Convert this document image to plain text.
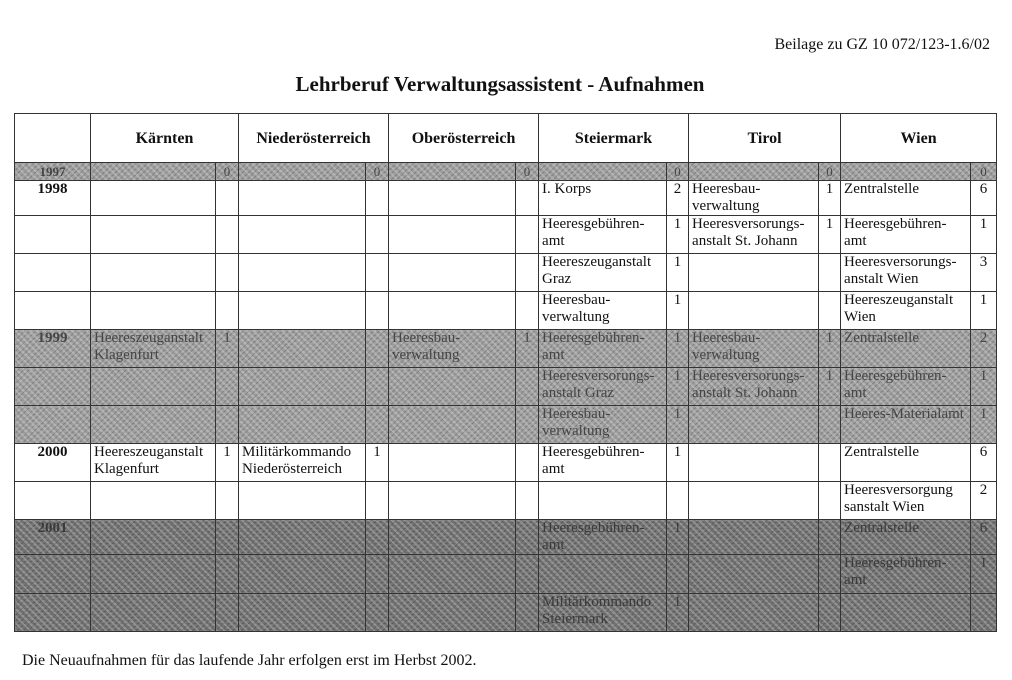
Beilage zu GZ 10 072/123-1.6/02
Lehrberuf Verwaltungsassistent - Aufnahmen
	Kärnten		Niederösterreich		Oberösterreich		Steiermark		Tirol		Wien	
1997		0		0		0		0		0		0
1998							I. Korps	2	Heeresbau-verwaltung	1	Zentralstelle	6
							Heeresgebühren-amt	1	Heeresversorungs-anstalt St. Johann	1	Heeresgebühren-amt	1
							Heereszeuganstalt Graz	1			Heeresversorungs-anstalt Wien	3
							Heeresbau-verwaltung	1			Heereszeuganstalt Wien	1
1999	Heereszeuganstalt Klagenfurt	1			Heeresbau-verwaltung	1	Heeresgebühren-amt	1	Heeresbau-verwaltung	1	Zentralstelle	2
							Heeresversorungs-anstalt Graz	1	Heeresversorungs-anstalt St. Johann	1	Heeresgebühren-amt	1
							Heeresbau-verwaltung	1			Heeres-Materialamt	1
2000	Heereszeuganstalt Klagenfurt	1	Militärkommando Niederösterreich	1			Heeresgebühren-amt	1			Zentralstelle	6
											Heeresversorgung sanstalt Wien	2
2001							Heeresgebühren-amt	1			Zentralstelle	6
											Heeresgebühren-amt	1
							Militärkommando Steiermark	1				
Die Neuaufnahmen für das laufende Jahr erfolgen erst im Herbst 2002.
